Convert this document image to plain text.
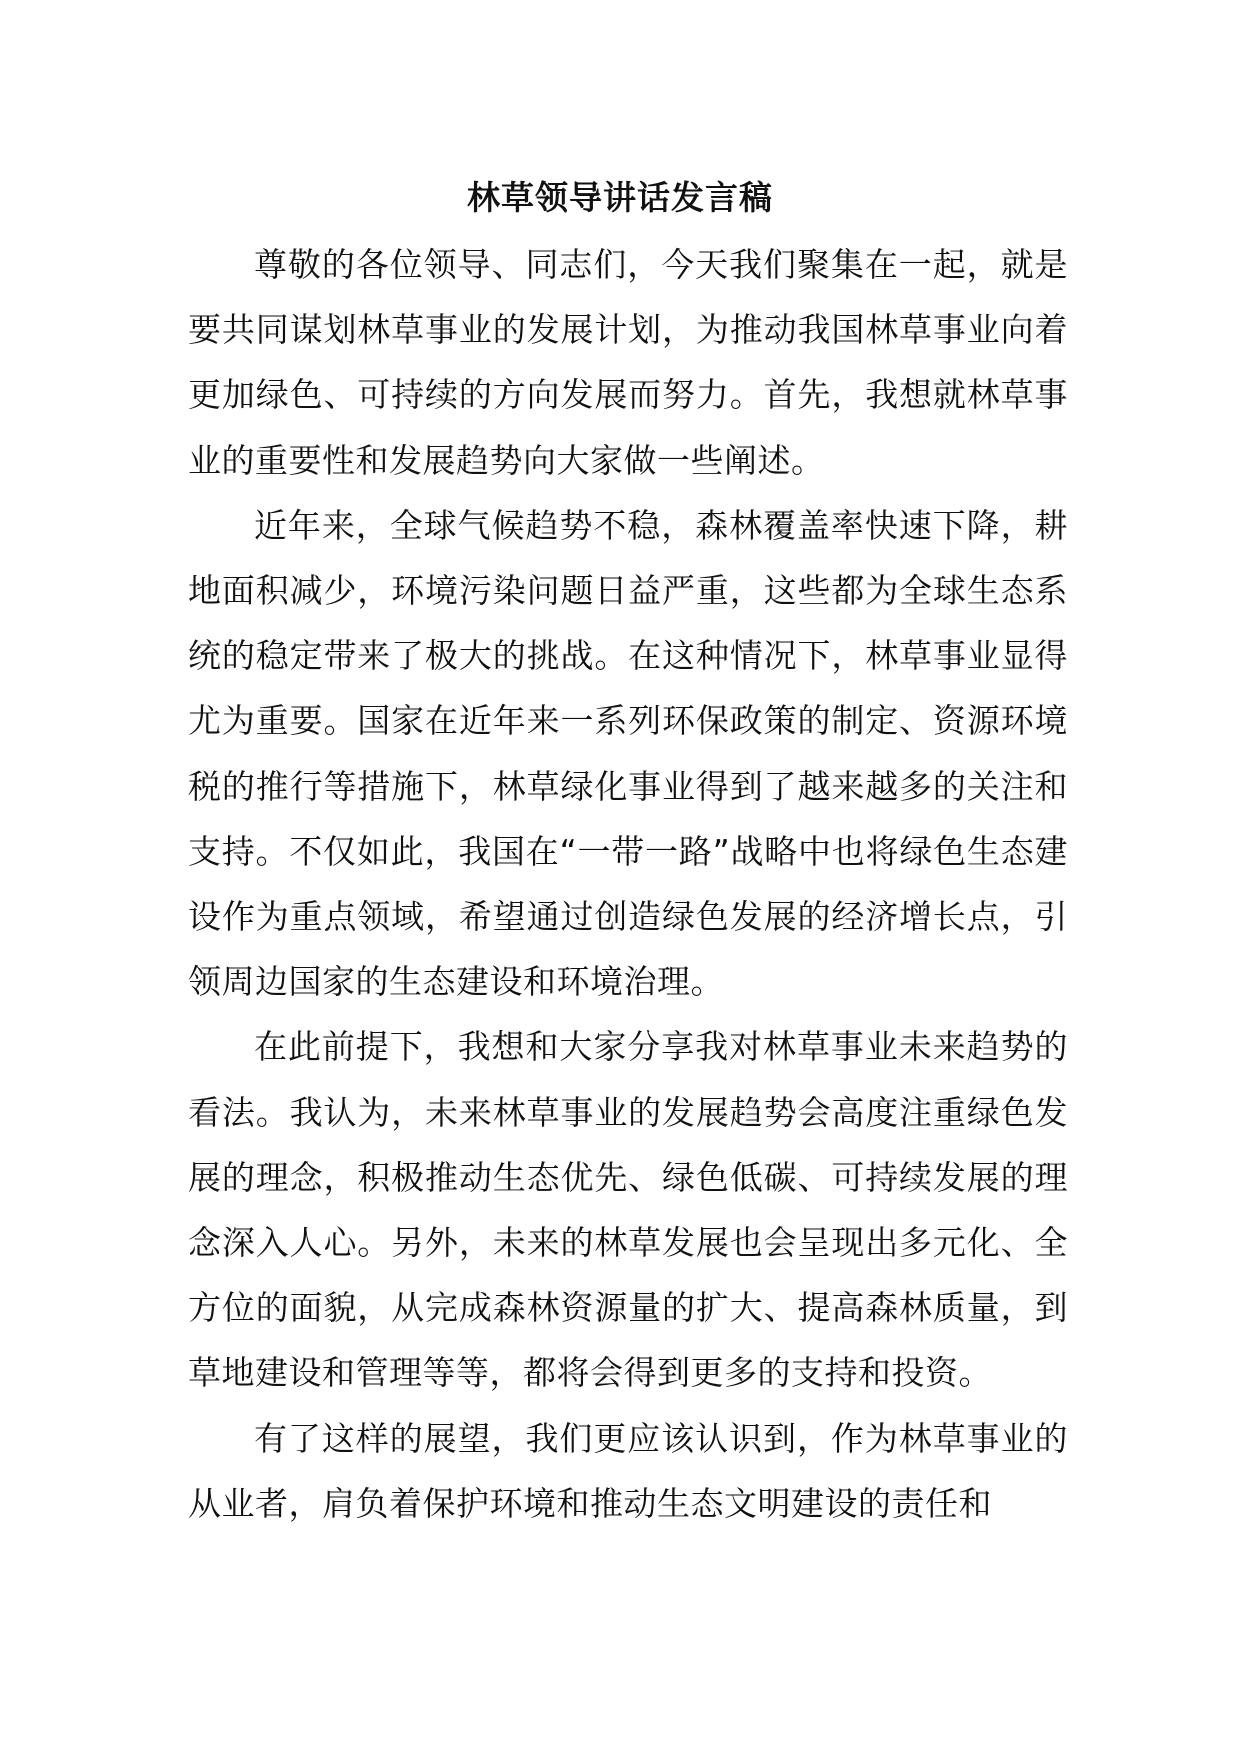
林草领导讲话发言稿

尊敬的各位领导、同志们，今天我们聚集在一起，就是要共同谋划林草事业的发展计划，为推动我国林草事业向着更加绿色、可持续的方向发展而努力。首先，我想就林草事业的重要性和发展趋势向大家做一些阐述。

近年来，全球气候趋势不稳，森林覆盖率快速下降，耕地面积减少，环境污染问题日益严重，这些都为全球生态系统的稳定带来了极大的挑战。在这种情况下，林草事业显得尤为重要。国家在近年来一系列环保政策的制定、资源环境税的推行等措施下，林草绿化事业得到了越来越多的关注和支持。不仅如此，我国在“一带一路”战略中也将绿色生态建设作为重点领域，希望通过创造绿色发展的经济增长点，引领周边国家的生态建设和环境治理。

在此前提下，我想和大家分享我对林草事业未来趋势的看法。我认为，未来林草事业的发展趋势会高度注重绿色发展的理念，积极推动生态优先、绿色低碳、可持续发展的理念深入人心。另外，未来的林草发展也会呈现出多元化、全方位的面貌，从完成森林资源量的扩大、提高森林质量，到草地建设和管理等等，都将会得到更多的支持和投资。

有了这样的展望，我们更应该认识到，作为林草事业的从业者，肩负着保护环境和推动生态文明建设的责任和
